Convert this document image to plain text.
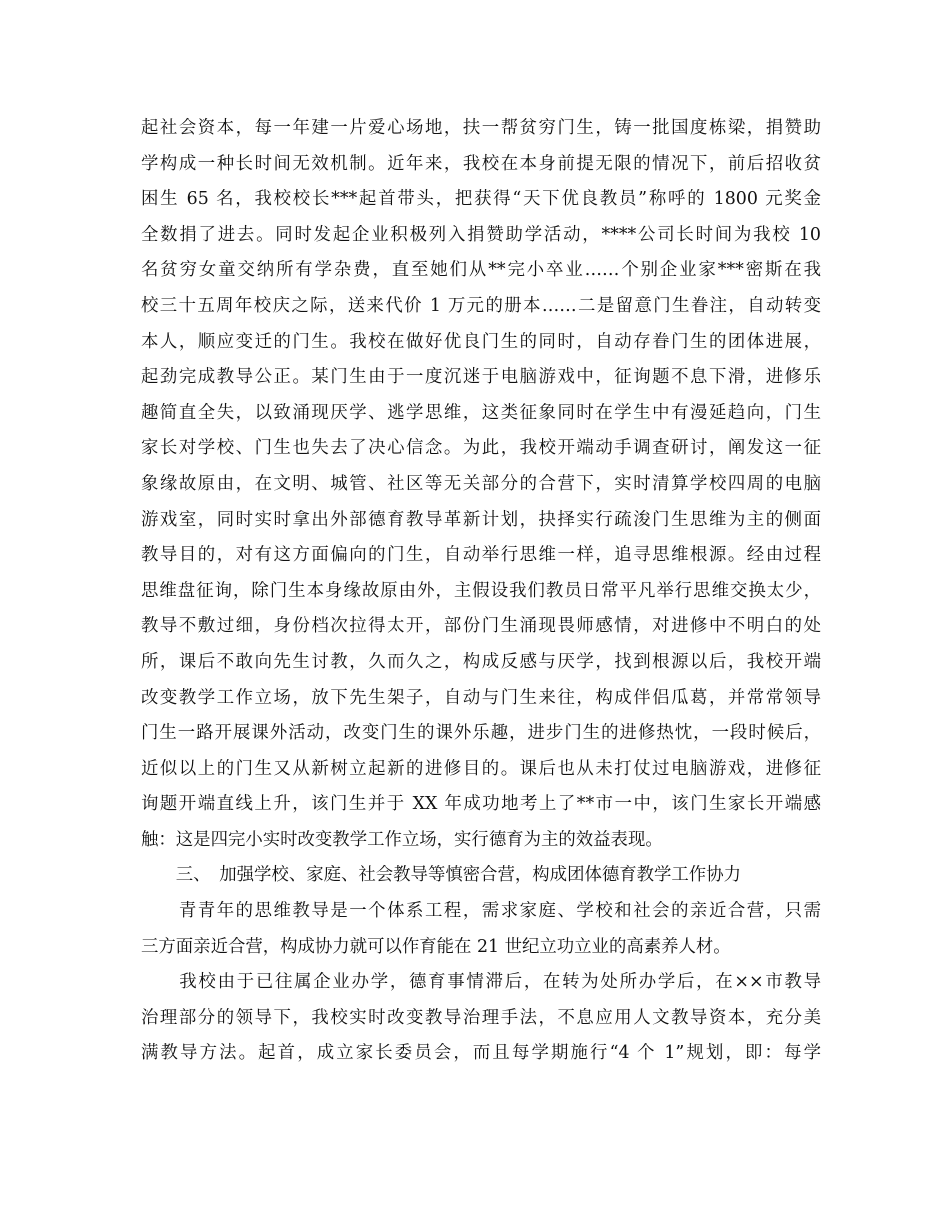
起社会资本，每一年建一片爱心场地，扶一帮贫穷门生，铸一批国度栋梁，捐赞助
学构成一种长时间无效机制。近年来，我校在本身前提无限的情况下，前后招收贫
困生 65 名，我校校长***起首带头，把获得“天下优良教员”称呼的 1800 元奖金
全数捐了进去。同时发起企业积极列入捐赞助学活动，****公司长时间为我校 10
名贫穷女童交纳所有学杂费，直至她们从**完小卒业……个别企业家***密斯在我
校三十五周年校庆之际，送来代价 1 万元的册本……二是留意门生眷注，自动转变
本人，顺应变迁的门生。我校在做好优良门生的同时，自动存眷门生的团体进展，
起劲完成教导公正。某门生由于一度沉迷于电脑游戏中，征询题不息下滑，进修乐
趣简直全失，以致涌现厌学、逃学思维，这类征象同时在学生中有漫延趋向，门生
家长对学校、门生也失去了决心信念。为此，我校开端动手调查研讨，阐发这一征
象缘故原由，在文明、城管、社区等无关部分的合营下，实时清算学校四周的电脑
游戏室，同时实时拿出外部德育教导革新计划，抉择实行疏浚门生思维为主的侧面
教导目的，对有这方面偏向的门生，自动举行思维一样，追寻思维根源。经由过程
思维盘征询，除门生本身缘故原由外，主假设我们教员日常平凡举行思维交换太少，
教导不敷过细，身份档次拉得太开，部份门生涌现畏师感情，对进修中不明白的处
所，课后不敢向先生讨教，久而久之，构成反感与厌学，找到根源以后，我校开端
改变教学工作立场，放下先生架子，自动与门生来往，构成伴侣瓜葛，并常常领导
门生一路开展课外活动，改变门生的课外乐趣，进步门生的进修热忱，一段时候后，
近似以上的门生又从新树立起新的进修目的。课后也从未打仗过电脑游戏，进修征
询题开端直线上升，该门生并于 XX 年成功地考上了**市一中，该门生家长开端感
触：这是四完小实时改变教学工作立场，实行德育为主的效益表现。
　　三、　加强学校、家庭、社会教导等慎密合营，构成团体德育教学工作协力
　　青青年的思维教导是一个体系工程，需求家庭、学校和社会的亲近合营，只需
三方面亲近合营，构成协力就可以作育能在 21 世纪立功立业的高素养人材。
　　我校由于已往属企业办学，德育事情滞后，在转为处所办学后，在××市教导
治理部分的领导下，我校实时改变教导治理手法，不息应用人文教导资本，充分美
满教导方法。起首，成立家长委员会，而且每学期施行“4 个 1”规划，即：每学
